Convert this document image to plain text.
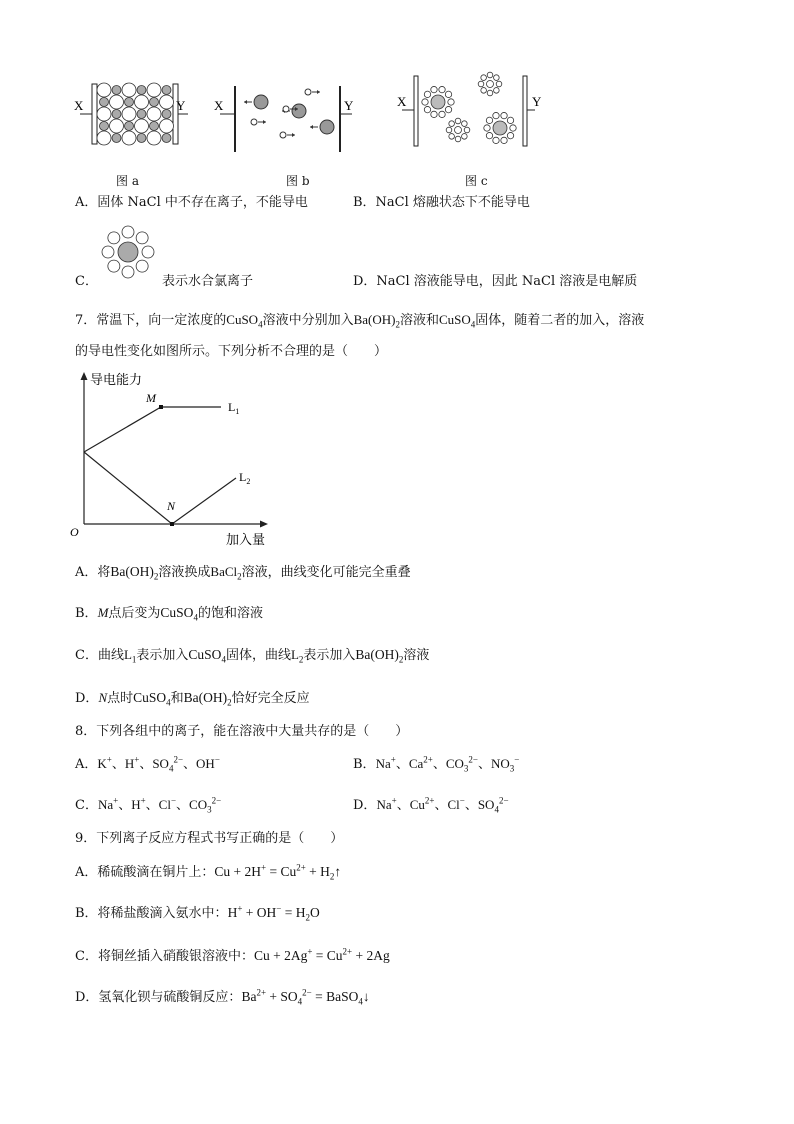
X	Y
图 a
X	Y
图 b
X	Y
图 c
A．固体 NaCl 中不存在离子，不能导电	B．NaCl 熔融状态下不能导电
C．	表示水合氯离子	D．NaCl 溶液能导电，因此 NaCl 溶液是电解质
7．常温下，向一定浓度的CuSO$_4$溶液中分别加入$Ba(OH)_2$溶液和CuSO$_4$固体，随着二者的加入，溶液
的导电性变化如图所示。下列分析不合理的是（　　）
导电能力
加入量
O
M
N
$L_1$
$L_2$
A．将$Ba(OH)_2$溶液换成BaCl$_2$溶液，曲线变化可能完全重叠
B．M点后变为CuSO$_4$的饱和溶液
C．曲线$L_1$表示加入CuSO$_4$固体，曲线$L_2$表示加入$Ba(OH)_2$溶液
D．N点时CuSO$_4$和$Ba(OH)_2$恰好完全反应
8．下列各组中的离子，能在溶液中大量共存的是（　　）
A．K+、H+、$SO_4^{2-}$、OH−	B．Na+、$Ca^{2+}$、$CO_3^{2-}$、$NO_3^-$
C．Na+、H+、Cl−、$CO_3^{2-}$	D．Na+、$Cu^{2+}$、Cl−、$SO_4^{2-}$
9．下列离子反应方程式书写正确的是（　　）
A．稀硫酸滴在铜片上：$Cu + 2H^+ = Cu^{2+}$ + $H_2↑$
B．将稀盐酸滴入氨水中：$H^+ + OH^- = H_2O$
C．将铜丝插入硝酸银溶液中：$Cu + 2Ag^+ = Cu^{2+} + 2Ag$
D．氢氧化钡与硫酸铜反应：$Ba^{2+} + SO_4^{2-}$ = BaSO$_4$↓
